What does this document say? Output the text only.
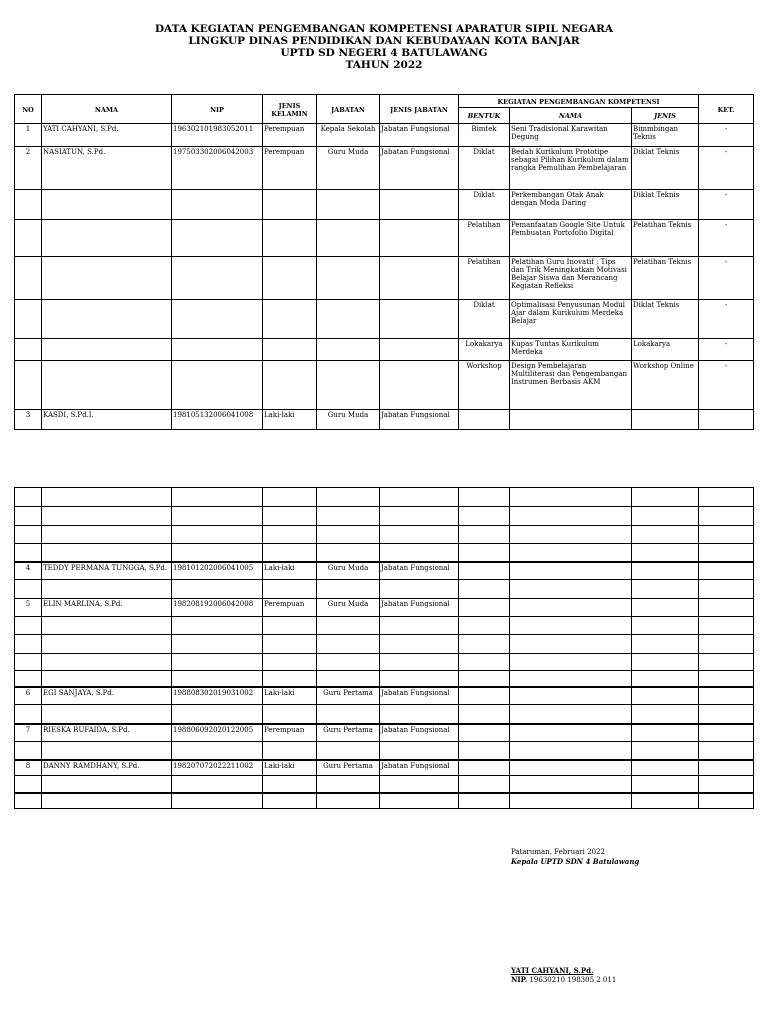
DATA KEGIATAN PENGEMBANGAN KOMPETENSI APARATUR SIPIL NEGARA
LINGKUP DINAS PENDIDIKAN DAN KEBUDAYAAN KOTA BANJAR
UPTD SD NEGERI 4 BATULAWANG
TAHUN 2022
NO	NAMA	NIP	JENIS KELAMIN	JABATAN	JENIS JABATAN	KEGIATAN PENGEMBANGAN KOMPETENSI			KET.
						BENTUK	NAMA	JENIS	
1	YATI CAHYANI, S.Pd.	196302101983052011	Perempuan	Kepala Sekolah	Jabatan Fungsional	Bimtek	Seni Tradisional Karawitan Degung	Bimmbingan Teknis	-
2	NASIATUN, S.Pd.	197503302006042003	Perempuan	Guru Muda	Jabatan Fungsional	Diklat	Bedah Kurikulum Prototipe sebagai Pilihan Kurikulum dalam rangka Pemulihan Pembelajaran	Diklat Teknis	-
						Diklat	Perkembangan Otak Anak dengan Moda Daring	Diklat Teknis	-
						Pelatihan	Pemanfaatan Google Site Untuk Pembuatan Portofolio Digital	Pelatihan Teknis	-
						Pelatihan	Pelatihan Guru Inovatif ; Tips dan Trik Meningkatkan Motivasi Belajar Siswa dan Merancang Kegiatan Refleksi	Pelatihan Teknis	-
						Diklat	Optimalisasi Penyusunan Modul Ajar dalam Kurikulum Merdeka Belajar	Diklat Teknis	-
						Lokakarya	Kupas Tuntas Kurikulum Merdeka	Lokakarya	-
						Workshop	Design Pembelajaran Multiliterasi dan Pengembangan Instrumen Berbasis AKM	Workshop Online	-
3	KASDI, S.Pd.I.	198105132006041008	Laki-laki	Guru Muda	Jabatan Fungsional				

4	TEDDY PERMANA TUNGGA, S.Pd.	198101202006041005	Laki-laki	Guru Muda	Jabatan Fungsional				

5	ELIN MARLINA, S.Pd.	198208192006042008	Perempuan	Guru Muda	Jabatan Fungsional				

6	EGI SANJAYA, S.Pd.	198808302019031002	Laki-laki	Guru Pertama	Jabatan Fungsional				

7	RIESKA RUFAIDA, S.Pd.	198806092020122005	Perempuan	Guru Pertama	Jabatan Fungsional				

8	DANNY RAMDHANY, S.Pd.	198207072022211002	Laki-laki	Guru Pertama	Jabatan Fungsional				

Pataruman, Februari 2022
Kepala UPTD SDN 4 Batulawang
YATI CAHYANI, S.Pd.
NIP. 19630210 198305 2 011
